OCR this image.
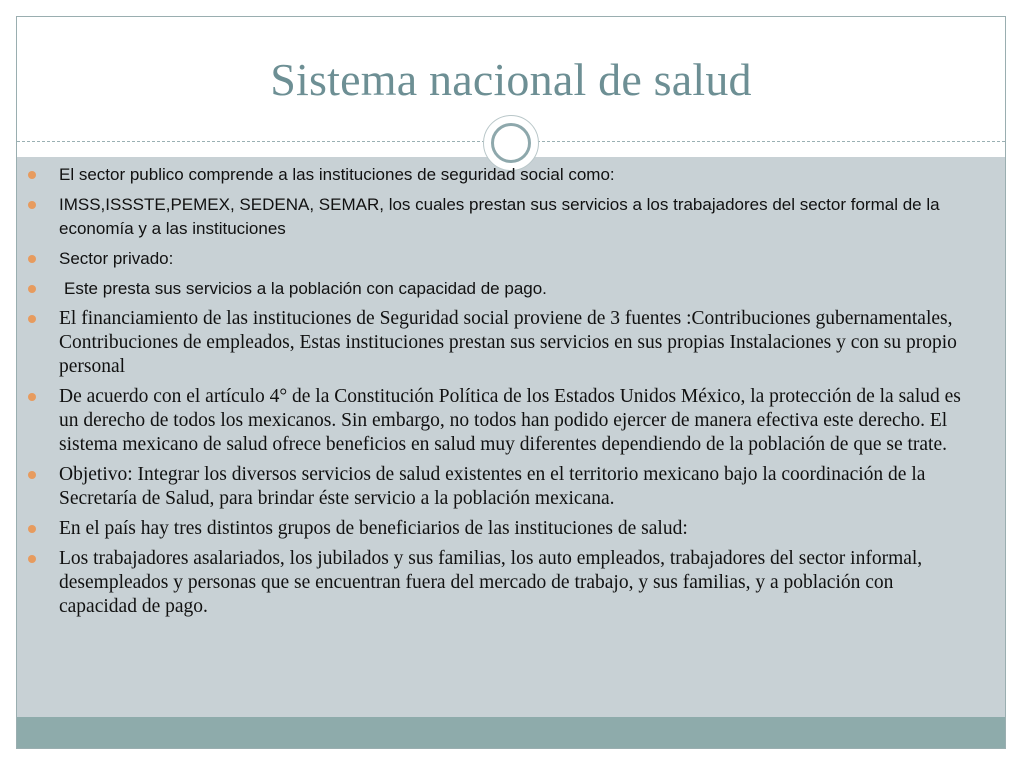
Sistema nacional de salud
El sector publico comprende a las instituciones de seguridad social como:
IMSS,ISSSTE,PEMEX, SEDENA, SEMAR, los cuales prestan sus servicios a los trabajadores del sector formal de la economía y a las instituciones
Sector privado:
Este presta sus servicios a la población con capacidad de pago.
El financiamiento de las instituciones de Seguridad social proviene de 3 fuentes :Contribuciones gubernamentales, Contribuciones de empleados, Estas instituciones prestan sus servicios en sus propias Instalaciones y con su propio personal
De acuerdo con el artículo 4° de la Constitución Política de los Estados Unidos México, la protección de la salud es un derecho de todos los mexicanos. Sin embargo, no todos han podido ejercer de manera efectiva este derecho. El sistema mexicano de salud ofrece beneficios en salud muy diferentes dependiendo de la población de que se trate.
Objetivo: Integrar los diversos servicios de salud existentes en el territorio mexicano bajo la coordinación de la Secretaría de Salud, para brindar éste servicio a la población mexicana.
En el país hay tres distintos grupos de beneficiarios de las instituciones de salud:
Los trabajadores asalariados, los jubilados y sus familias, los auto empleados, trabajadores del sector informal, desempleados y personas que se encuentran fuera del mercado de trabajo, y sus familias, y a población con capacidad de pago.
